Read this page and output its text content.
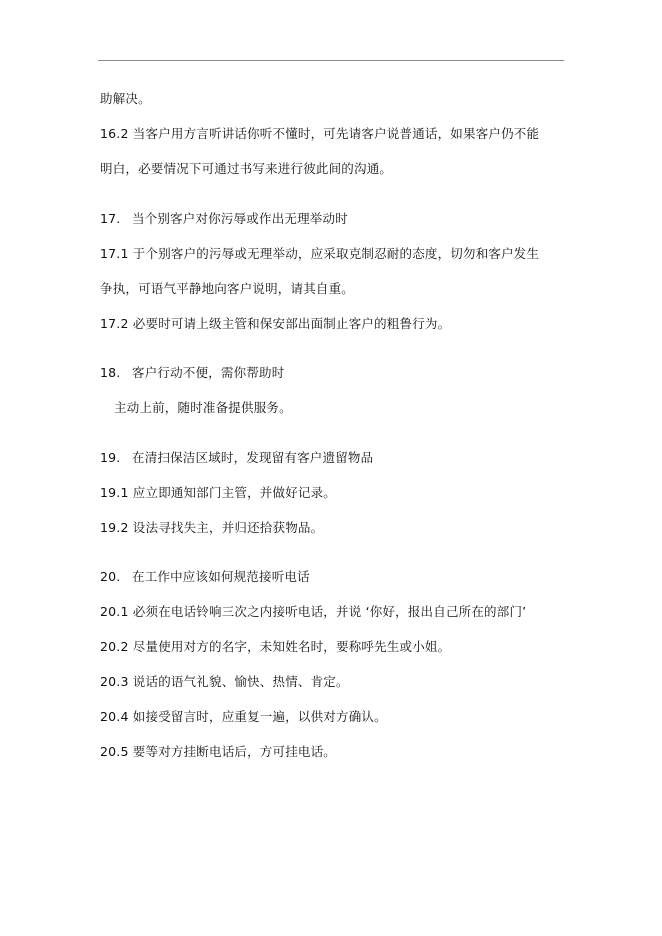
助解决。
16.2 当客户用方言听讲话你听不懂时，可先请客户说普通话，如果客户仍不能
明白，必要情况下可通过书写来进行彼此间的沟通。
17. 当个别客户对你污辱或作出无理举动时
17.1 于个别客户的污辱或无理举动，应采取克制忍耐的态度，切勿和客户发生
争执，可语气平静地向客户说明，请其自重。
17.2 必要时可请上级主管和保安部出面制止客户的粗鲁行为。
18. 客户行动不便，需你帮助时
主动上前，随时准备提供服务。
19. 在清扫保洁区域时，发现留有客户遗留物品
19.1 应立即通知部门主管，并做好记录。
19.2 设法寻找失主，并归还拾获物品。
20. 在工作中应该如何规范接听电话
20.1 必须在电话铃响三次之内接听电话，并说 ‘你好，报出自己所在的部门’
20.2 尽量使用对方的名字，未知姓名时，要称呼先生或小姐。
20.3 说话的语气礼貌、愉快、热情、肯定。
20.4 如接受留言时，应重复一遍，以供对方确认。
20.5 要等对方挂断电话后，方可挂电话。
